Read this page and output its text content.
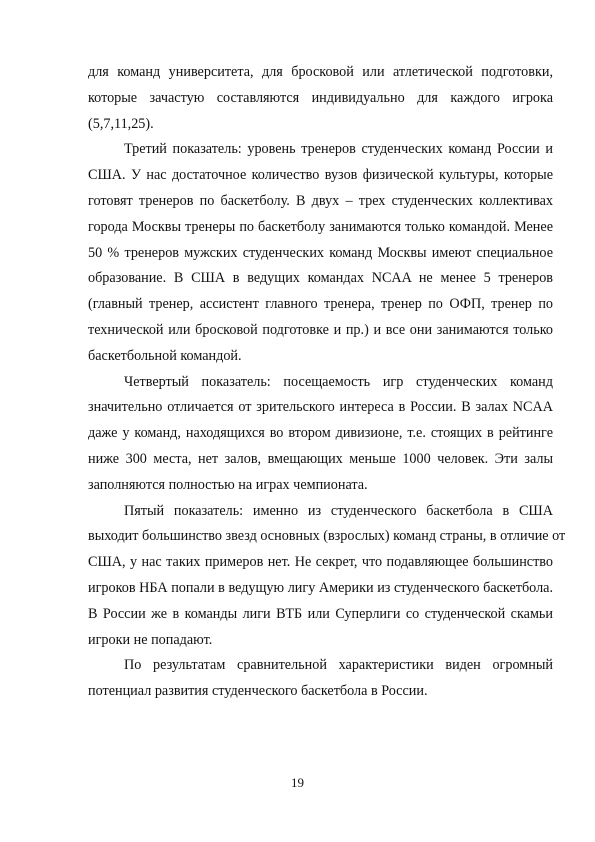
для команд университета, для бросковой или атлетической подготовки,
которые зачастую составляются индивидуально для каждого игрока
(5,7,11,25).
Третий показатель: уровень тренеров студенческих команд России и
США. У нас достаточное количество вузов физической культуры, которые
готовят тренеров по баскетболу. В двух – трех студенческих коллективах
города Москвы тренеры по баскетболу занимаются только командой. Менее
50 % тренеров мужских студенческих команд Москвы имеют специальное
образование. В США в ведущих командах NCAA не менее 5 тренеров
(главный тренер, ассистент главного тренера, тренер по ОФП, тренер по
технической или бросковой подготовке и пр.) и все они занимаются только
баскетбольной командой.
Четвертый показатель: посещаемость игр студенческих команд
значительно отличается от зрительского интереса в России. В залах NCAA
даже у команд, находящихся во втором дивизионе, т.е. стоящих в рейтинге
ниже 300 места, нет залов, вмещающих меньше 1000 человек. Эти залы
заполняются полностью на играх чемпионата.
Пятый показатель: именно из студенческого баскетбола в США
выходит большинство звезд основных (взрослых) команд страны, в отличие от
США, у нас таких примеров нет. Не секрет, что подавляющее большинство
игроков НБА попали в ведущую лигу Америки из студенческого баскетбола.
В России же в команды лиги ВТБ или Суперлиги со студенческой скамьи
игроки не попадают.
По результатам сравнительной характеристики виден огромный
потенциал развития студенческого баскетбола в России.
19
